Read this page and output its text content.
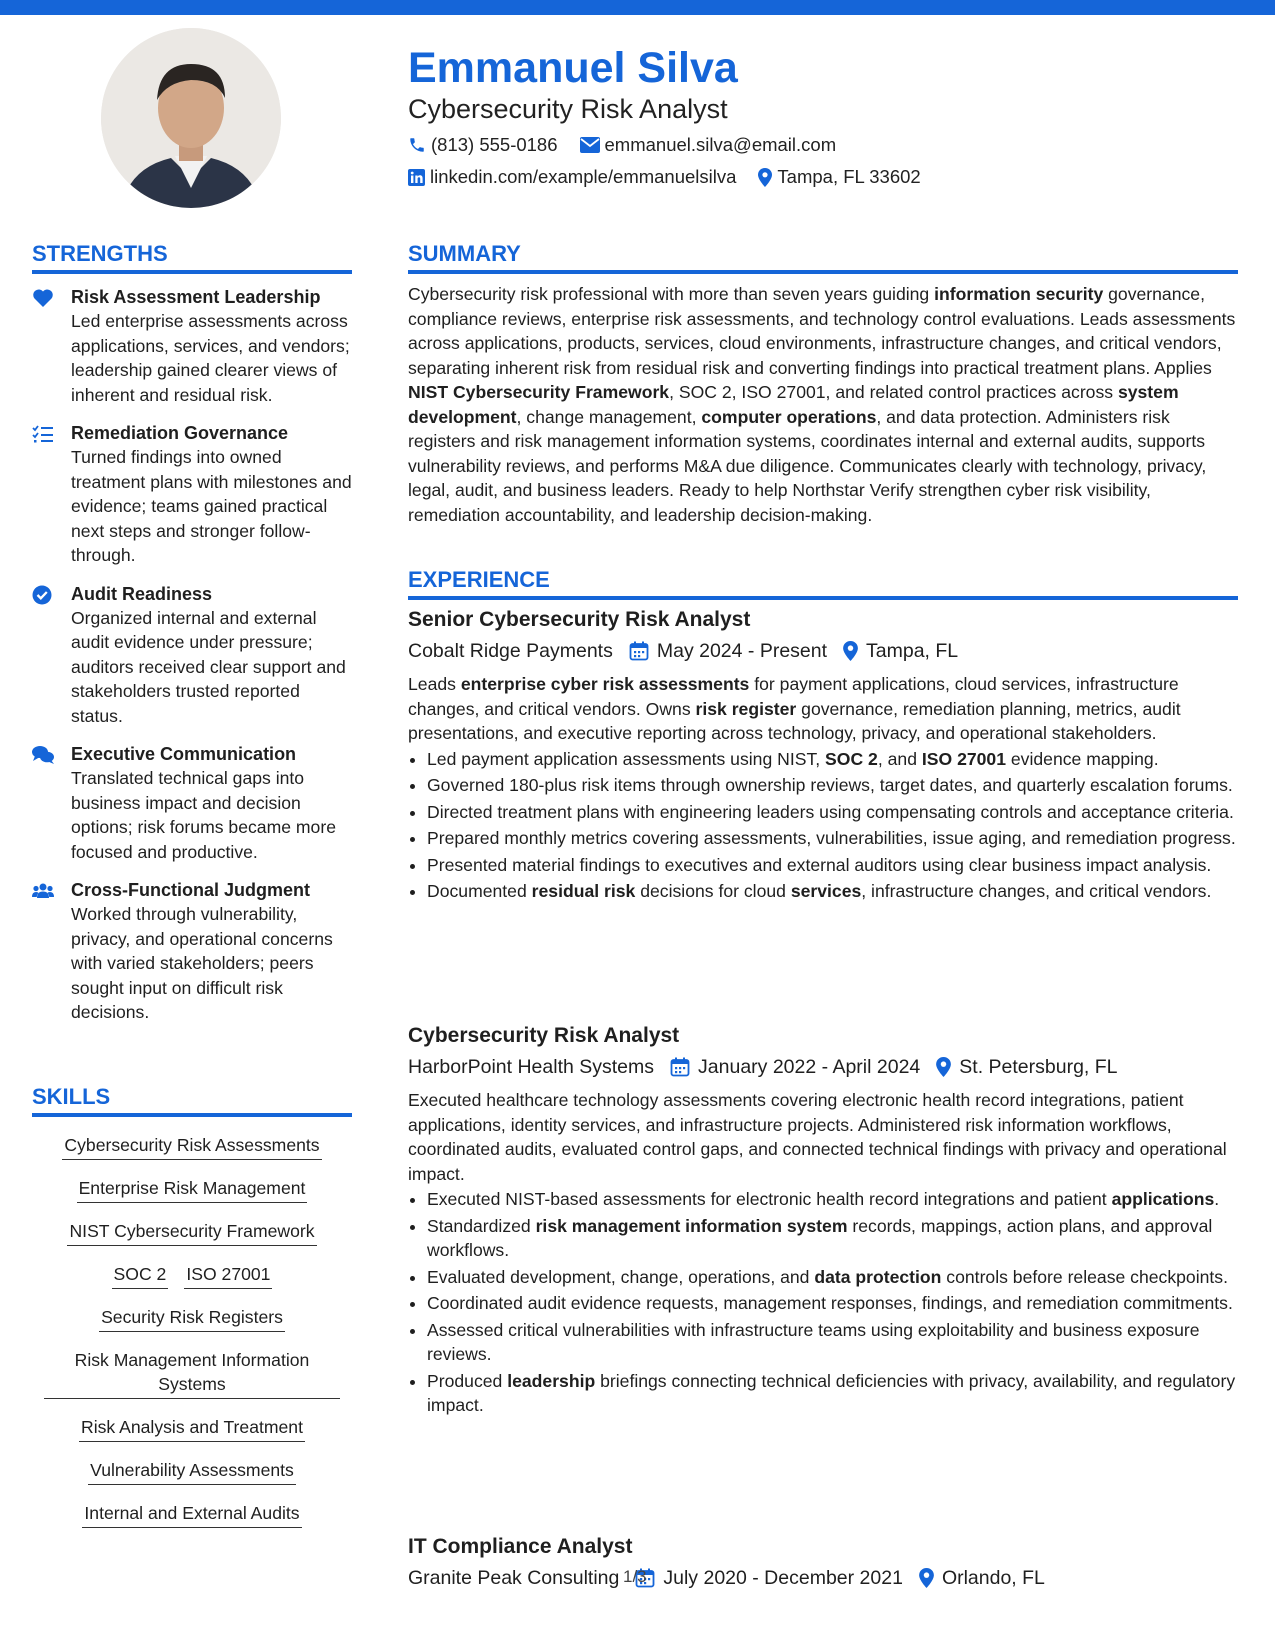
Emmanuel Silva
Cybersecurity Risk Analyst
(813) 555-0186	emmanuel.silva@email.com
linkedin.com/example/emmanuelsilva Tampa, FL 33602
STRENGTHS
Risk Assessment Leadership
Led enterprise assessments across applications, services, and vendors; leadership gained clearer views of inherent and residual risk.
Remediation Governance
Turned findings into owned treatment plans with milestones and evidence; teams gained practical next steps and stronger follow-through.
Audit Readiness
Organized internal and external audit evidence under pressure; auditors received clear support and stakeholders trusted reported status.
Executive Communication
Translated technical gaps into business impact and decision options; risk forums became more focused and productive.
Cross-Functional Judgment
Worked through vulnerability, privacy, and operational concerns with varied stakeholders; peers sought input on difficult risk decisions.
SKILLS
Cybersecurity Risk Assessments
Enterprise Risk Management
NIST Cybersecurity Framework
SOC 2 ISO 27001
Security Risk Registers
Risk Management Information Systems
Risk Analysis and Treatment
Vulnerability Assessments
Internal and External Audits
SUMMARY
Cybersecurity risk professional with more than seven years guiding information security governance, compliance reviews, enterprise risk assessments, and technology control evaluations. Leads assessments across applications, products, services, cloud environments, infrastructure changes, and critical vendors, separating inherent risk from residual risk and converting findings into practical treatment plans. Applies NIST Cybersecurity Framework, SOC 2, ISO 27001, and related control practices across system development, change management, computer operations, and data protection. Administers risk registers and risk management information systems, coordinates internal and external audits, supports vulnerability reviews, and performs M&A due diligence. Communicates clearly with technology, privacy, legal, audit, and business leaders. Ready to help Northstar Verify strengthen cyber risk visibility, remediation accountability, and leadership decision-making.
EXPERIENCE
Senior Cybersecurity Risk Analyst
Cobalt Ridge Payments May 2024 - Present Tampa, FL
Leads enterprise cyber risk assessments for payment applications, cloud services, infrastructure changes, and critical vendors. Owns risk register governance, remediation planning, metrics, audit presentations, and executive reporting across technology, privacy, and operational stakeholders.
• Led payment application assessments using NIST, SOC 2, and ISO 27001 evidence mapping.
• Governed 180-plus risk items through ownership reviews, target dates, and quarterly escalation forums.
• Directed treatment plans with engineering leaders using compensating controls and acceptance criteria.
• Prepared monthly metrics covering assessments, vulnerabilities, issue aging, and remediation progress.
• Presented material findings to executives and external auditors using clear business impact analysis.
• Documented residual risk decisions for cloud services, infrastructure changes, and critical vendors.
Cybersecurity Risk Analyst
HarborPoint Health Systems January 2022 - April 2024 St. Petersburg, FL
Executed healthcare technology assessments covering electronic health record integrations, patient applications, identity services, and infrastructure projects. Administered risk information workflows, coordinated audits, evaluated control gaps, and connected technical findings with privacy and operational impact.
• Executed NIST-based assessments for electronic health record integrations and patient applications.
• Standardized risk management information system records, mappings, action plans, and approval workflows.
• Evaluated development, change, operations, and data protection controls before release checkpoints.
• Coordinated audit evidence requests, management responses, findings, and remediation commitments.
• Assessed critical vulnerabilities with infrastructure teams using exploitability and business exposure reviews.
• Produced leadership briefings connecting technical deficiencies with privacy, availability, and regulatory impact.
IT Compliance Analyst
Granite Peak Consulting July 2020 - December 2021 Orlando, FL
1/3
